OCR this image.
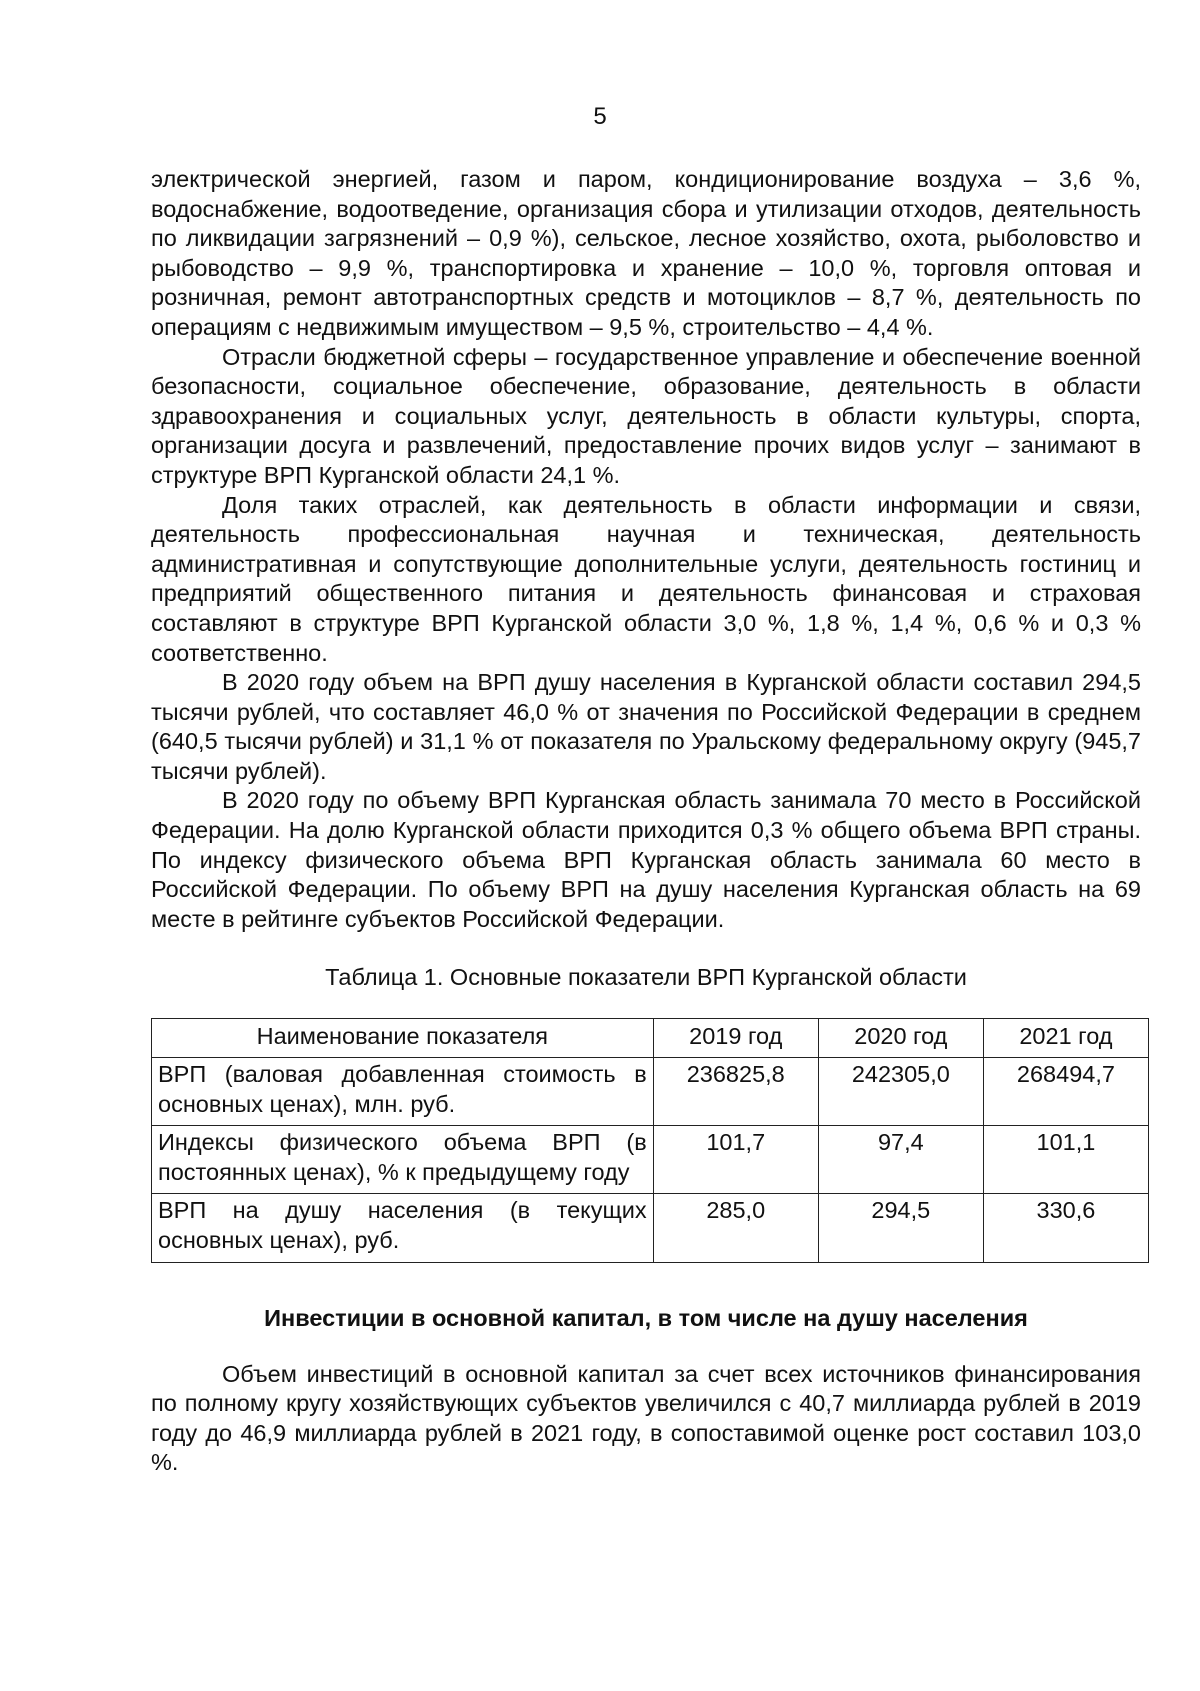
5

электрической энергией, газом и паром, кондиционирование воздуха – 3,6 %, водоснабжение, водоотведение, организация сбора и утилизации отходов, деятельность по ликвидации загрязнений – 0,9 %), сельское, лесное хозяйство, охота, рыболовство и рыбоводство – 9,9 %, транспортировка и хранение – 10,0 %, торговля оптовая и розничная, ремонт автотранспортных средств и мотоциклов – 8,7 %, деятельность по операциям с недвижимым имуществом – 9,5 %, строительство – 4,4 %.

Отрасли бюджетной сферы – государственное управление и обеспечение военной безопасности, социальное обеспечение, образование, деятельность в области здравоохранения и социальных услуг, деятельность в области культуры, спорта, организации досуга и развлечений, предоставление прочих видов услуг – занимают в структуре ВРП Курганской области 24,1 %.

Доля таких отраслей, как деятельность в области информации и связи, деятельность профессиональная научная и техническая, деятельность административная и сопутствующие дополнительные услуги, деятельность гостиниц и предприятий общественного питания и деятельность финансовая и страховая составляют в структуре ВРП Курганской области 3,0 %, 1,8 %, 1,4 %, 0,6 % и 0,3 % соответственно.

В 2020 году объем на ВРП душу населения в Курганской области составил 294,5 тысячи рублей, что составляет 46,0 % от значения по Российской Федерации в среднем (640,5 тысячи рублей) и 31,1 % от показателя по Уральскому федеральному округу (945,7 тысячи рублей).

В 2020 году по объему ВРП Курганская область занимала 70 место в Российской Федерации. На долю Курганской области приходится 0,3 % общего объема ВРП страны. По индексу физического объема ВРП Курганская область занимала 60 место в Российской Федерации. По объему ВРП на душу населения Курганская область на 69 месте в рейтинге субъектов Российской Федерации.

Таблица 1. Основные показатели ВРП Курганской области
Наименование показателя	2019 год	2020 год	2021 год
ВРП (валовая добавленная стоимость в основных ценах), млн. руб.	236825,8	242305,0	268494,7
Индексы физического объема ВРП (в постоянных ценах), % к предыдущему году	101,7	97,4	101,1
ВРП на душу населения (в текущих основных ценах), руб.	285,0	294,5	330,6
Инвестиции в основной капитал, в том числе на душу населения

Объем инвестиций в основной капитал за счет всех источников финансирования по полному кругу хозяйствующих субъектов увеличился с 40,7 миллиарда рублей в 2019 году до 46,9 миллиарда рублей в 2021 году, в сопоставимой оценке рост составил 103,0 %.
